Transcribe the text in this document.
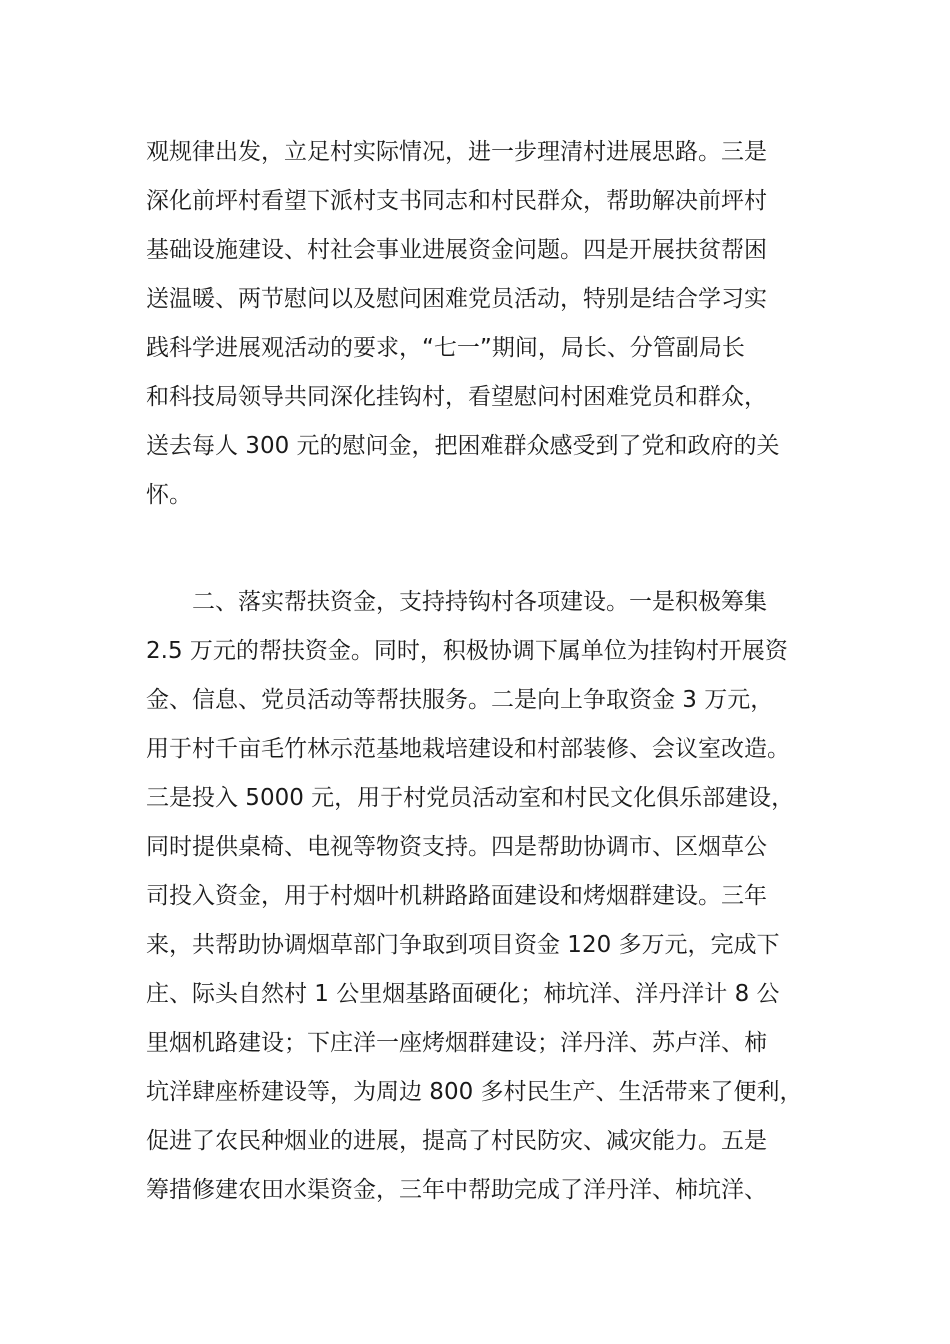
观规律出发，立足村实际情况，进一步理清村进展思路。三是
深化前坪村看望下派村支书同志和村民群众，帮助解决前坪村
基础设施建设、村社会事业进展资金问题。四是开展扶贫帮困
送温暖、两节慰问以及慰问困难党员活动，特别是结合学习实
践科学进展观活动的要求，“七一”期间，局长、分管副局长
和科技局领导共同深化挂钩村，看望慰问村困难党员和群众，
送去每人 300 元的慰问金，把困难群众感受到了党和政府的关
怀。
　　二、落实帮扶资金，支持持钩村各项建设。一是积极筹集
2.5 万元的帮扶资金。同时，积极协调下属单位为挂钩村开展资
金、信息、党员活动等帮扶服务。二是向上争取资金 3 万元，
用于村千亩毛竹林示范基地栽培建设和村部装修、会议室改造。
三是投入 5000 元，用于村党员活动室和村民文化俱乐部建设，
同时提供桌椅、电视等物资支持。四是帮助协调市、区烟草公
司投入资金，用于村烟叶机耕路路面建设和烤烟群建设。三年
来，共帮助协调烟草部门争取到项目资金 120 多万元，完成下
庄、际头自然村 1 公里烟基路面硬化；柿坑洋、洋丹洋计 8 公
里烟机路建设；下庄洋一座烤烟群建设；洋丹洋、苏卢洋、柿
坑洋肆座桥建设等，为周边 800 多村民生产、生活带来了便利，
促进了农民种烟业的进展，提高了村民防灾、减灾能力。五是
筹措修建农田水渠资金，三年中帮助完成了洋丹洋、柿坑洋、
